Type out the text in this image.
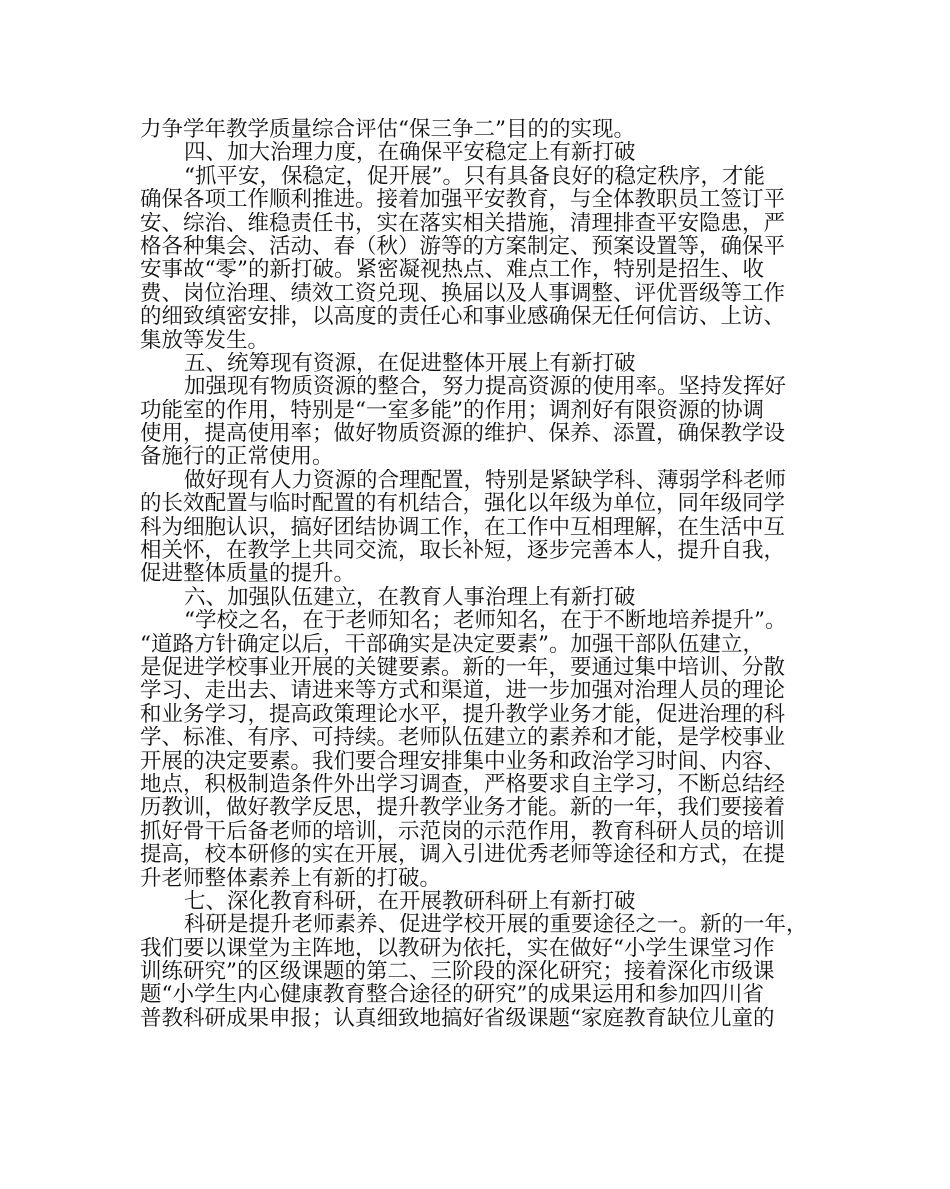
力争学年教学质量综合评估“保三争二”目的的实现。
四、加大治理力度，在确保平安稳定上有新打破
“抓平安，保稳定，促开展”。只有具备良好的稳定秩序，才能
确保各项工作顺利推进。接着加强平安教育，与全体教职员工签订平
安、综治、维稳责任书，实在落实相关措施，清理排查平安隐患，严
格各种集会、活动、春（秋）游等的方案制定、预案设置等，确保平
安事故“零”的新打破。紧密凝视热点、难点工作，特别是招生、收
费、岗位治理、绩效工资兑现、换届以及人事调整、评优晋级等工作
的细致缜密安排，以高度的责任心和事业感确保无任何信访、上访、
集放等发生。
五、统筹现有资源，在促进整体开展上有新打破
加强现有物质资源的整合，努力提高资源的使用率。坚持发挥好
功能室的作用，特别是“一室多能”的作用；调剂好有限资源的协调
使用，提高使用率；做好物质资源的维护、保养、添置，确保教学设
备施行的正常使用。
做好现有人力资源的合理配置，特别是紧缺学科、薄弱学科老师
的长效配置与临时配置的有机结合，强化以年级为单位，同年级同学
科为细胞认识，搞好团结协调工作，在工作中互相理解，在生活中互
相关怀，在教学上共同交流，取长补短，逐步完善本人，提升自我，
促进整体质量的提升。
六、加强队伍建立，在教育人事治理上有新打破
“学校之名，在于老师知名；老师知名，在于不断地培养提升”。
“道路方针确定以后，干部确实是决定要素”。加强干部队伍建立，
是促进学校事业开展的关键要素。新的一年，要通过集中培训、分散
学习、走出去、请进来等方式和渠道，进一步加强对治理人员的理论
和业务学习，提高政策理论水平，提升教学业务才能，促进治理的科
学、标准、有序、可持续。老师队伍建立的素养和才能，是学校事业
开展的决定要素。我们要合理安排集中业务和政治学习时间、内容、
地点，积极制造条件外出学习调查，严格要求自主学习，不断总结经
历教训，做好教学反思，提升教学业务才能。新的一年，我们要接着
抓好骨干后备老师的培训，示范岗的示范作用，教育科研人员的培训
提高，校本研修的实在开展，调入引进优秀老师等途径和方式，在提
升老师整体素养上有新的打破。
七、深化教育科研，在开展教研科研上有新打破
科研是提升老师素养、促进学校开展的重要途径之一。新的一年，
我们要以课堂为主阵地，以教研为依托，实在做好“小学生课堂习作
训练研究”的区级课题的第二、三阶段的深化研究；接着深化市级课
题“小学生内心健康教育整合途径的研究”的成果运用和参加四川省
普教科研成果申报；认真细致地搞好省级课题“家庭教育缺位儿童的
